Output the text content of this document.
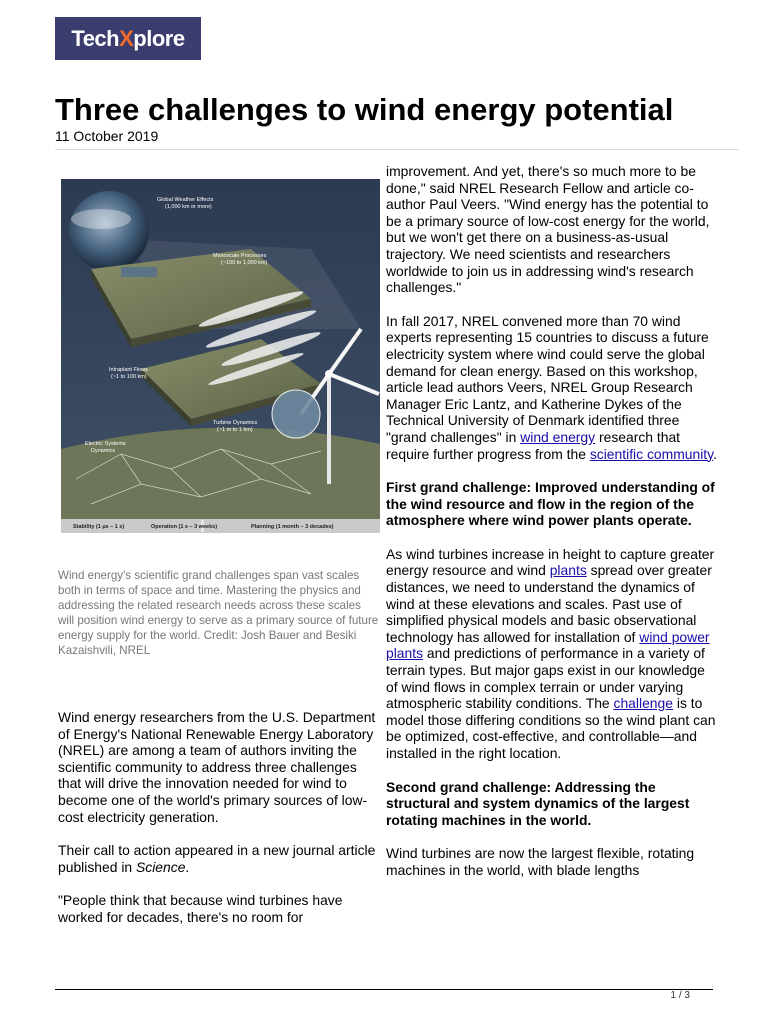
Tech X plore
Three challenges to wind energy potential
11 October 2019
Global Weather Effects
(1,000 km or more)
Mesoscale Processes
(~100 to 1,000 km)
Intraplant Flows
(~1 to 100 km)
Turbine Dynamics
(~1 m to 1 km)
Electric Systems
Dynamics
Stability (1 µs – 1 s)	Operation (1 s – 3 weeks)	Planning (1 month – 3 decades)
Wind energy's scientific grand challenges span vast scales both in terms of space and time. Mastering the physics and addressing the related research needs across these scales will position wind energy to serve as a primary source of future energy supply for the world. Credit: Josh Bauer and Besiki Kazaishvili, NREL

Wind energy researchers from the U.S. Department of Energy's National Renewable Energy Laboratory (NREL) are among a team of authors inviting the scientific community to address three challenges that will drive the innovation needed for wind to become one of the world's primary sources of low-cost electricity generation.

Their call to action appeared in a new journal article published in Science.

"People think that because wind turbines have worked for decades, there's no room for

improvement. And yet, there's so much more to be done," said NREL Research Fellow and article co-author Paul Veers. "Wind energy has the potential to be a primary source of low-cost energy for the world, but we won't get there on a business-as-usual trajectory. We need scientists and researchers worldwide to join us in addressing wind's research challenges."

In fall 2017, NREL convened more than 70 wind experts representing 15 countries to discuss a future electricity system where wind could serve the global demand for clean energy. Based on this workshop, article lead authors Veers, NREL Group Research Manager Eric Lantz, and Katherine Dykes of the Technical University of Denmark identified three "grand challenges" in wind energy research that require further progress from the scientific community.

First grand challenge: Improved understanding of the wind resource and flow in the region of the atmosphere where wind power plants operate.

As wind turbines increase in height to capture greater energy resource and wind plants spread over greater distances, we need to understand the dynamics of wind at these elevations and scales. Past use of simplified physical models and basic observational technology has allowed for installation of wind power plants and predictions of performance in a variety of terrain types. But major gaps exist in our knowledge of wind flows in complex terrain or under varying atmospheric stability conditions. The challenge is to model those differing conditions so the wind plant can be optimized, cost-effective, and controllable—and installed in the right location.

Second grand challenge: Addressing the structural and system dynamics of the largest rotating machines in the world.

Wind turbines are now the largest flexible, rotating machines in the world, with blade lengths

1 / 3
